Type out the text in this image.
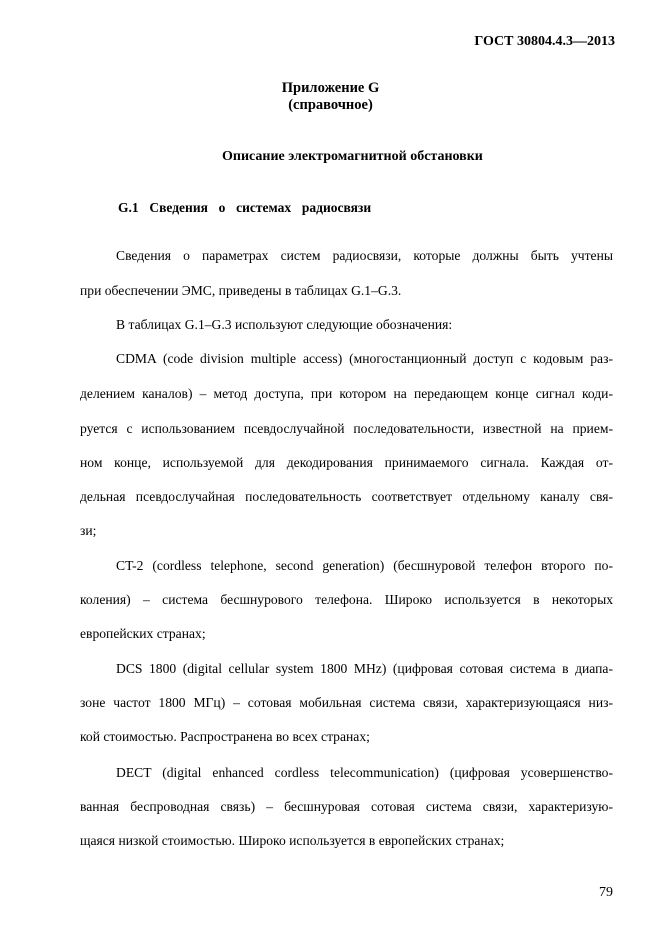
ГОСТ 30804.4.3—2013
Приложение G
(справочное)
Описание электромагнитной обстановки
G.1  Сведения  о  системах  радиосвязи
Сведения о параметрах систем радиосвязи, которые должны быть учтены
при обеспечении ЭМС, приведены в таблицах G.1–G.3.
В таблицах G.1–G.3 используют следующие обозначения:
CDMA (code division multiple access) (многостанционный доступ с кодовым раз-
делением каналов) – метод доступа, при котором на передающем конце сигнал коди-
руется с использованием псевдослучайной последовательности, известной на прием-
ном конце, используемой для декодирования принимаемого сигнала. Каждая от-
дельная псевдослучайная последовательность соответствует отдельному каналу свя-
зи;
CT-2 (cordless telephone, second generation) (бесшнуровой телефон второго по-
коления) – система бесшнурового телефона. Широко используется в некоторых
европейских странах;
DCS 1800 (digital cellular system 1800 MHz) (цифровая сотовая система в диапа-
зоне частот 1800 МГц) – сотовая мобильная система связи, характеризующаяся низ-
кой стоимостью. Распространена во всех странах;
DECT (digital enhanced cordless telecommunication) (цифровая усовершенство-
ванная беспроводная связь) – бесшнуровая сотовая система связи, характеризую-
щаяся низкой стоимостью. Широко используется в европейских странах;
79
